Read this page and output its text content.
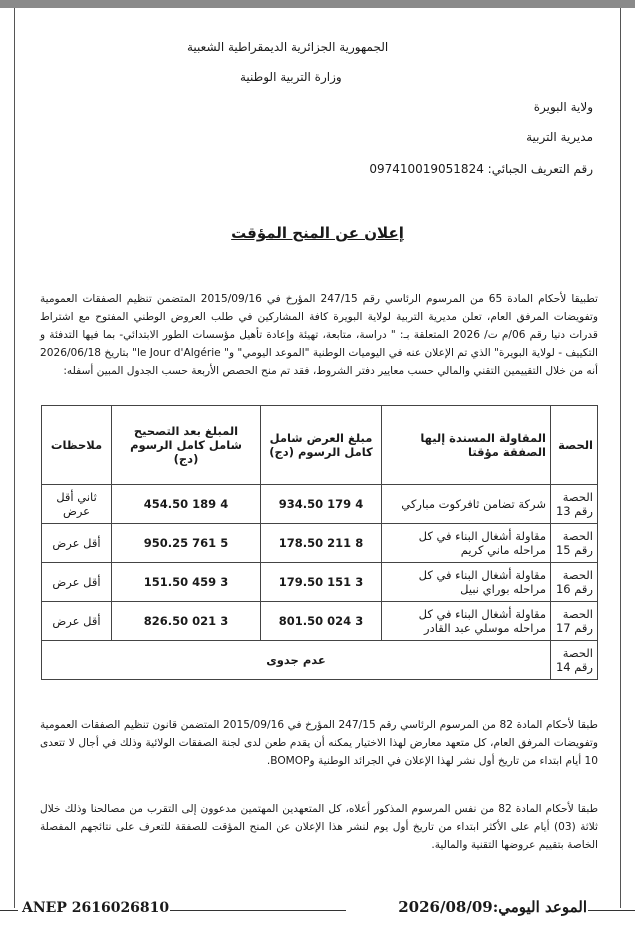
الجمهورية الجزائرية الديمقراطية الشعبية
وزارة التربية الوطنية
ولاية البويرة
مديرية التربية
رقم التعريف الجبائي: 097410019051824
إعلان عن المنح المؤقت
تطبيقا لأحكام المادة 65 من المرسوم الرئاسي رقم 247/15 المؤرخ في 2015/09/16 المتضمن تنظيم الصفقات العمومية وتفويضات المرفق العام، تعلن مديرية التربية لولاية البويرة كافة المشاركين في طلب العروض الوطني المفتوح مع اشتراط قدرات دنيا رقم 06/م ت/ 2026 المتعلقة بـ: " دراسة، متابعة، تهيئة وإعادة تأهيل مؤسسات الطور الابتدائي- بما فيها التدفئة و التكييف - لولاية البويرة" الذي تم الإعلان عنه في اليوميات الوطنية "الموعد اليومي" و" le Jour d'Algérie" بتاريخ 2026/06/18 أنه من خلال التقييمين التقني والمالي حسب معايير دفتر الشروط، فقد تم منح الحصص الأربعة حسب الجدول المبين أسفله:
الحصة	المقاولة المسندة إليها الصفقة مؤقتا	مبلغ العرض شامل كامل الرسوم (دج)	المبلغ بعد التصحيح شامل كامل الرسوم (دج)	ملاحظات
الحصة رقم 13	شركة تضامن ثافركوت مباركي	4 179 934.50	4 189 454.50	ثاني أقل عرض
الحصة رقم 15	مقاولة أشغال البناء في كل مراحله ماني كريم	8 211 178.50	5 761 950.25	أقل عرض
الحصة رقم 16	مقاولة أشغال البناء في كل مراحله بوراي نبيل	3 151 179.50	3 459 151.50	أقل عرض
الحصة رقم 17	مقاولة أشغال البناء في كل مراحله موسلي عبد القادر	3 024 801.50	3 021 826.50	أقل عرض
الحصة رقم 14	عدم جدوى			
طبقا لأحكام المادة 82 من المرسوم الرئاسي رقم 247/15 المؤرخ في 2015/09/16 المتضمن قانون تنظيم الصفقات العمومية وتفويضات المرفق العام، كل متعهد معارض لهذا الاختيار يمكنه أن يقدم طعن لدى لجنة الصفقات الولائية وذلك في أجال لا تتعدى 10 أيام ابتداء من تاريخ أول نشر لهذا الإعلان في الجرائد الوطنية وBOMOP.
طبقا لأحكام المادة 82 من نفس المرسوم المذكور أعلاه، كل المتعهدين المهتمين مدعوون إلى التقرب من مصالحنا وذلك خلال ثلاثة (03) أيام على الأكثر ابتداء من تاريخ أول يوم لنشر هذا الإعلان عن المنح المؤقت للصفقة للتعرف على نتائجهم المفصلة الخاصة بتقييم عروضها التقنية والمالية.
ANEP 2616026810	الموعد اليومي:2026/08/09
